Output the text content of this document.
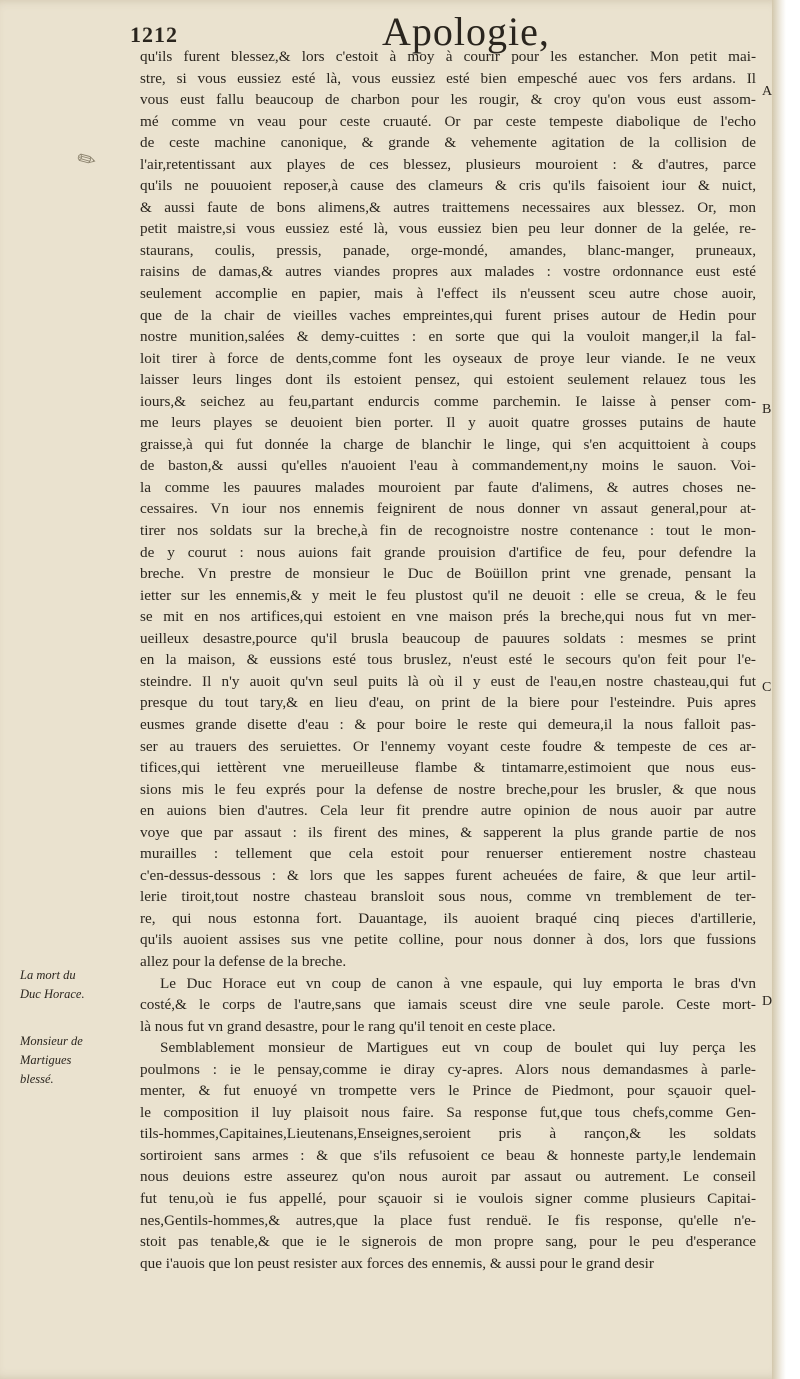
1212	Apologie,
✎
A
B
C
D
La mort du
Duc Horace.
Monsieur de
Martigues
blessé.
qu'ils furent blessez,& lors c'estoit à moy à courir pour les estancher. Mon petit mai-
stre, si vous eussiez esté là, vous eussiez esté bien empesché auec vos fers ardans. Il
vous eust fallu beaucoup de charbon pour les rougir, & croy qu'on vous eust assom-
mé comme vn veau pour ceste cruauté. Or par ceste tempeste diabolique de l'echo
de ceste machine canonique, & grande & vehemente agitation de la collision de
l'air,retentissant aux playes de ces blessez, plusieurs mouroient : & d'autres, parce
qu'ils ne pouuoient reposer,à cause des clameurs & cris qu'ils faisoient iour & nuict,
& aussi faute de bons alimens,& autres traittemens necessaires aux blessez. Or, mon
petit maistre,si vous eussiez esté là, vous eussiez bien peu leur donner de la gelée, re-
staurans, coulis, pressis, panade, orge-mondé, amandes, blanc-manger, pruneaux,
raisins de damas,& autres viandes propres aux malades : vostre ordonnance eust esté
seulement accomplie en papier, mais à l'effect ils n'eussent sceu autre chose auoir,
que de la chair de vieilles vaches empreintes,qui furent prises autour de Hedin pour
nostre munition,salées & demy-cuittes : en sorte que qui la vouloit manger,il la fal-
loit tirer à force de dents,comme font les oyseaux de proye leur viande. Ie ne veux
laisser leurs linges dont ils estoient pensez, qui estoient seulement relauez tous les
iours,& seichez au feu,partant endurcis comme parchemin. Ie laisse à penser com-
me leurs playes se deuoient bien porter. Il y auoit quatre grosses putains de haute
graisse,à qui fut donnée la charge de blanchir le linge, qui s'en acquittoient à coups
de baston,& aussi qu'elles n'auoient l'eau à commandement,ny moins le sauon. Voi-
la comme les pauures malades mouroient par faute d'alimens, & autres choses ne-
cessaires. Vn iour nos ennemis feignirent de nous donner vn assaut general,pour at-
tirer nos soldats sur la breche,à fin de recognoistre nostre contenance : tout le mon-
de y courut : nous auions fait grande prouision d'artifice de feu, pour defendre la
breche. Vn prestre de monsieur le Duc de Boüillon print vne grenade, pensant la
ietter sur les ennemis,& y meit le feu plustost qu'il ne deuoit : elle se creua, & le feu
se mit en nos artifices,qui estoient en vne maison prés la breche,qui nous fut vn mer-
ueilleux desastre,pource qu'il brusla beaucoup de pauures soldats : mesmes se print
en la maison, & eussions esté tous bruslez, n'eust esté le secours qu'on feit pour l'e-
steindre. Il n'y auoit qu'vn seul puits là où il y eust de l'eau,en nostre chasteau,qui fut
presque du tout tary,& en lieu d'eau, on print de la biere pour l'esteindre. Puis apres
eusmes grande disette d'eau : & pour boire le reste qui demeura,il la nous falloit pas-
ser au trauers des seruiettes. Or l'ennemy voyant ceste foudre & tempeste de ces ar-
tifices,qui iettèrent vne merueilleuse flambe & tintamarre,estimoient que nous eus-
sions mis le feu exprés pour la defense de nostre breche,pour les brusler, & que nous
en auions bien d'autres. Cela leur fit prendre autre opinion de nous auoir par autre
voye que par assaut : ils firent des mines, & sapperent la plus grande partie de nos
murailles : tellement que cela estoit pour renuerser entierement nostre chasteau
c'en-dessus-dessous : & lors que les sappes furent acheuées de faire, & que leur artil-
lerie tiroit,tout nostre chasteau bransloit sous nous, comme vn tremblement de ter-
re, qui nous estonna fort. Dauantage, ils auoient braqué cinq pieces d'artillerie,
qu'ils auoient assises sus vne petite colline, pour nous donner à dos, lors que fussions
allez pour la defense de la breche.
Le Duc Horace eut vn coup de canon à vne espaule, qui luy emporta le bras d'vn
costé,& le corps de l'autre,sans que iamais sceust dire vne seule parole. Ceste mort-
là nous fut vn grand desastre, pour le rang qu'il tenoit en ceste place.
Semblablement monsieur de Martigues eut vn coup de boulet qui luy perça les
poulmons : ie le pensay,comme ie diray cy-apres. Alors nous demandasmes à parle-
menter, & fut enuoyé vn trompette vers le Prince de Piedmont, pour sçauoir quel-
le composition il luy plaisoit nous faire. Sa response fut,que tous chefs,comme Gen-
tils-hommes,Capitaines,Lieutenans,Enseignes,seroient pris à rançon,& les soldats
sortiroient sans armes : & que s'ils refusoient ce beau & honneste party,le lendemain
nous deuions estre asseurez qu'on nous auroit par assaut ou autrement. Le conseil
fut tenu,où ie fus appellé, pour sçauoir si ie voulois signer comme plusieurs Capitai-
nes,Gentils-hommes,& autres,que la place fust renduë. Ie fis response, qu'elle n'e-
stoit pas tenable,& que ie le signerois de mon propre sang, pour le peu d'esperance
que i'auois que lon peust resister aux forces des ennemis, & aussi pour le grand desir
